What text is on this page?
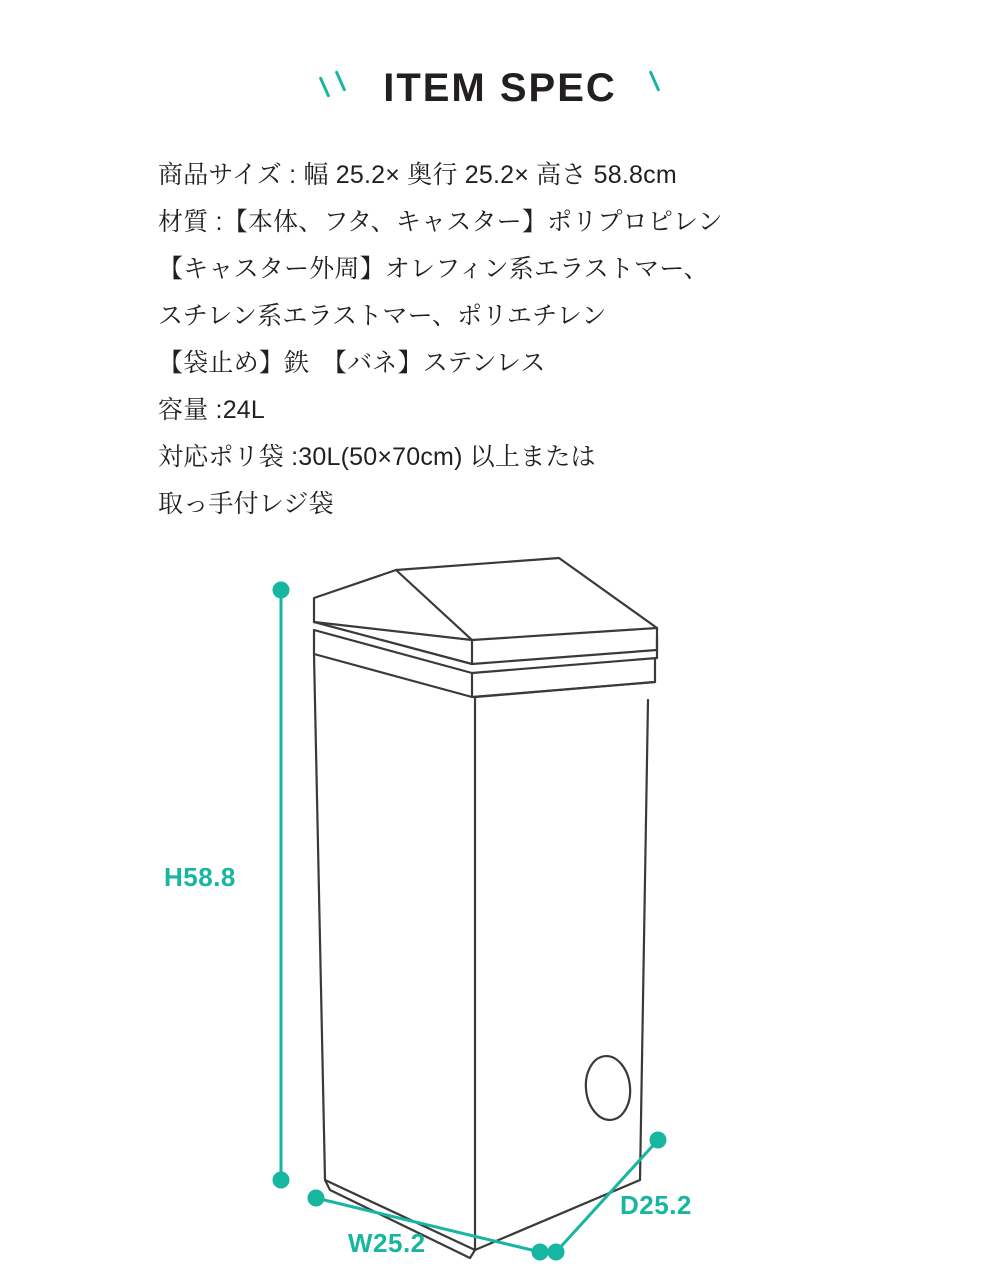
ITEM SPEC
商品サイズ : 幅 25.2× 奥行 25.2× 高さ 58.8cm
材質 :【本体、フタ、キャスター】ポリプロピレン
【キャスター外周】オレフィン系エラストマー、
スチレン系エラストマー、ポリエチレン
【袋止め】鉄　【バネ】ステンレス
容量 :24L
対応ポリ袋 :30L(50×70cm) 以上または
取っ手付レジ袋
H58.8
W25.2
D25.2
